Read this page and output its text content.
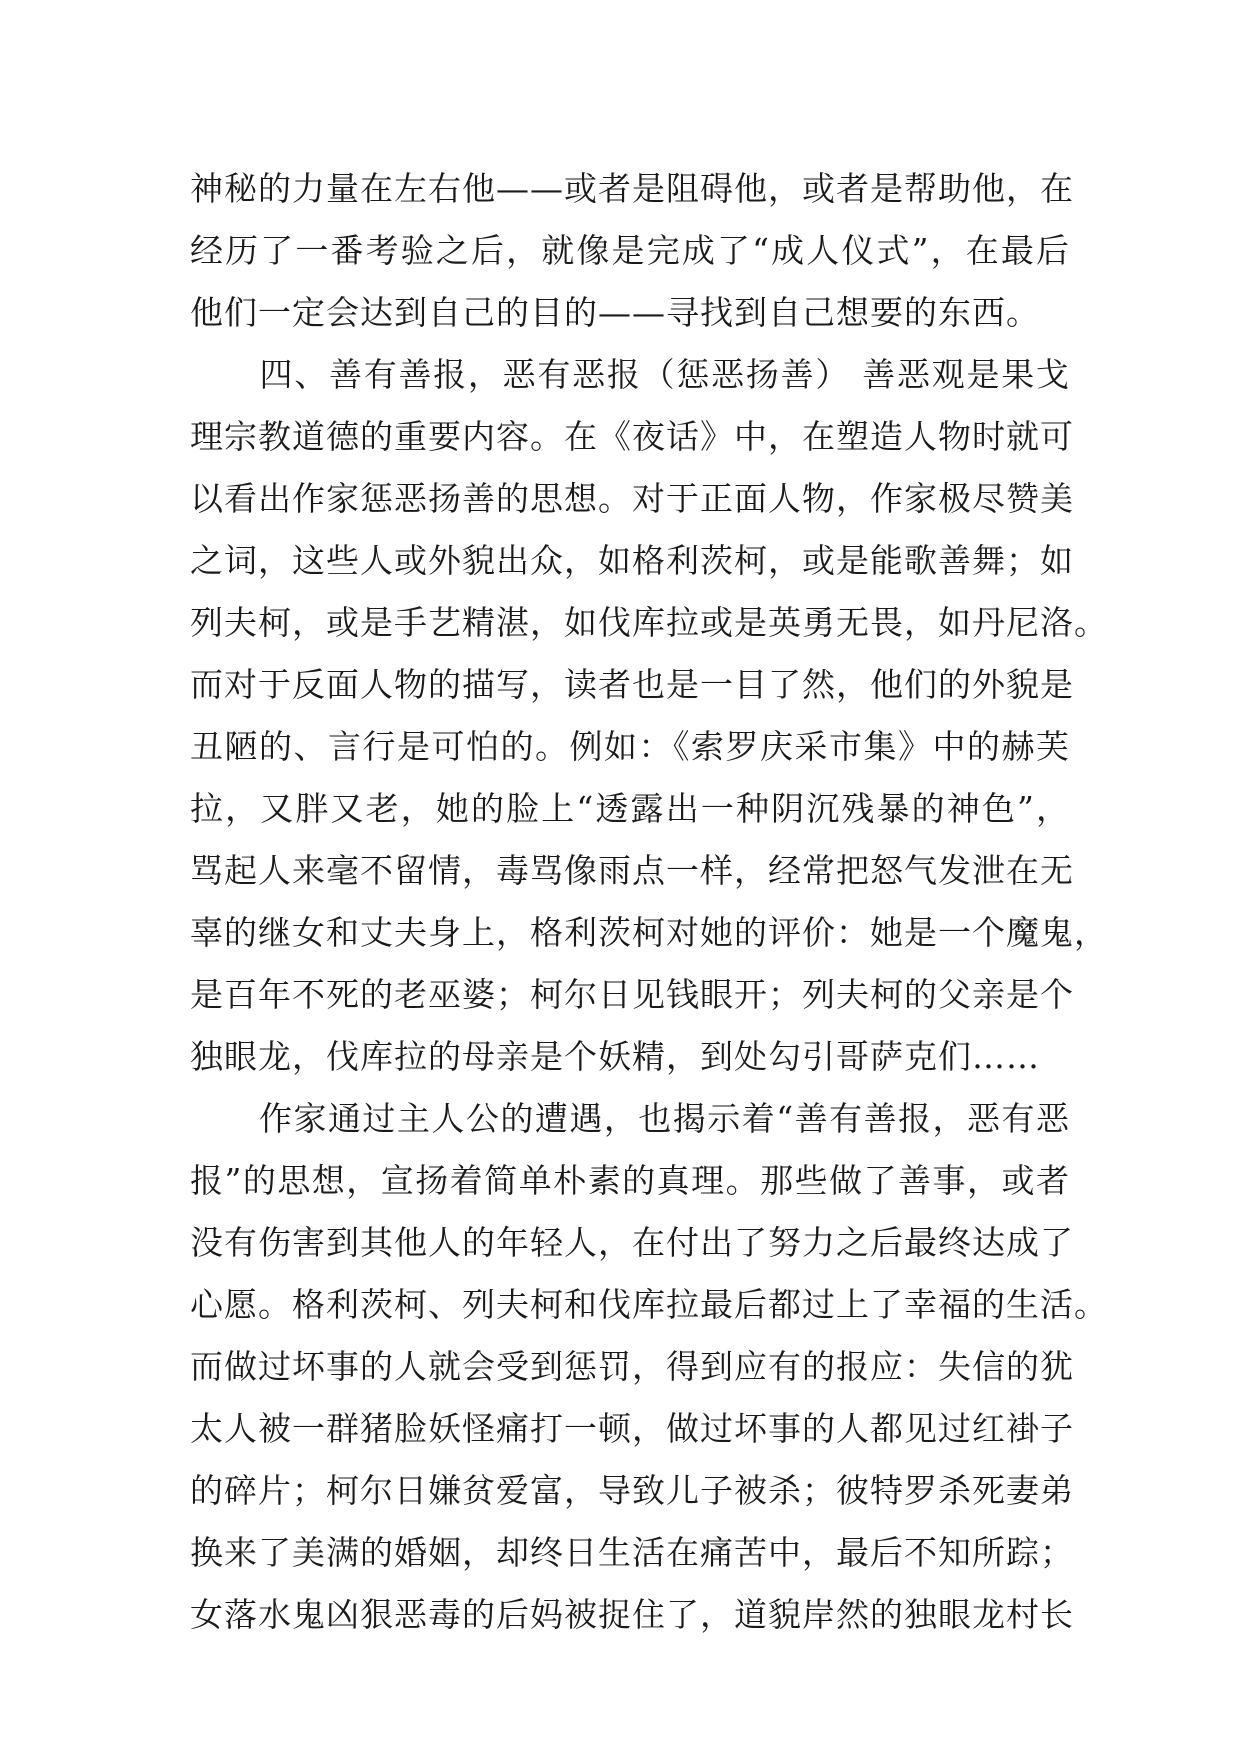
神秘的力量在左右他——或者是阻碍他，或者是帮助他，在
经历了一番考验之后，就像是完成了“成人仪式”，在最后
他们一定会达到自己的目的——寻找到自己想要的东西。
　　四、善有善报，恶有恶报（惩恶扬善） 善恶观是果戈
理宗教道德的重要内容。在《夜话》中，在塑造人物时就可
以看出作家惩恶扬善的思想。对于正面人物，作家极尽赞美
之词，这些人或外貌出众，如格利茨柯，或是能歌善舞；如
列夫柯，或是手艺精湛，如伐库拉或是英勇无畏，如丹尼洛。
而对于反面人物的描写，读者也是一目了然，他们的外貌是
丑陋的、言行是可怕的。例如：《索罗庆采市集》中的赫芙
拉，又胖又老，她的脸上“透露出一种阴沉残暴的神色”，
骂起人来毫不留情，毒骂像雨点一样，经常把怒气发泄在无
辜的继女和丈夫身上，格利茨柯对她的评价：她是一个魔鬼，
是百年不死的老巫婆；柯尔日见钱眼开；列夫柯的父亲是个
独眼龙，伐库拉的母亲是个妖精，到处勾引哥萨克们……
　　作家通过主人公的遭遇，也揭示着“善有善报，恶有恶
报”的思想，宣扬着简单朴素的真理。那些做了善事，或者
没有伤害到其他人的年轻人，在付出了努力之后最终达成了
心愿。格利茨柯、列夫柯和伐库拉最后都过上了幸福的生活。
而做过坏事的人就会受到惩罚，得到应有的报应：失信的犹
太人被一群猪脸妖怪痛打一顿，做过坏事的人都见过红褂子
的碎片；柯尔日嫌贫爱富，导致儿子被杀；彼特罗杀死妻弟
换来了美满的婚姻，却终日生活在痛苦中，最后不知所踪；
女落水鬼凶狠恶毒的后妈被捉住了，道貌岸然的独眼龙村长
